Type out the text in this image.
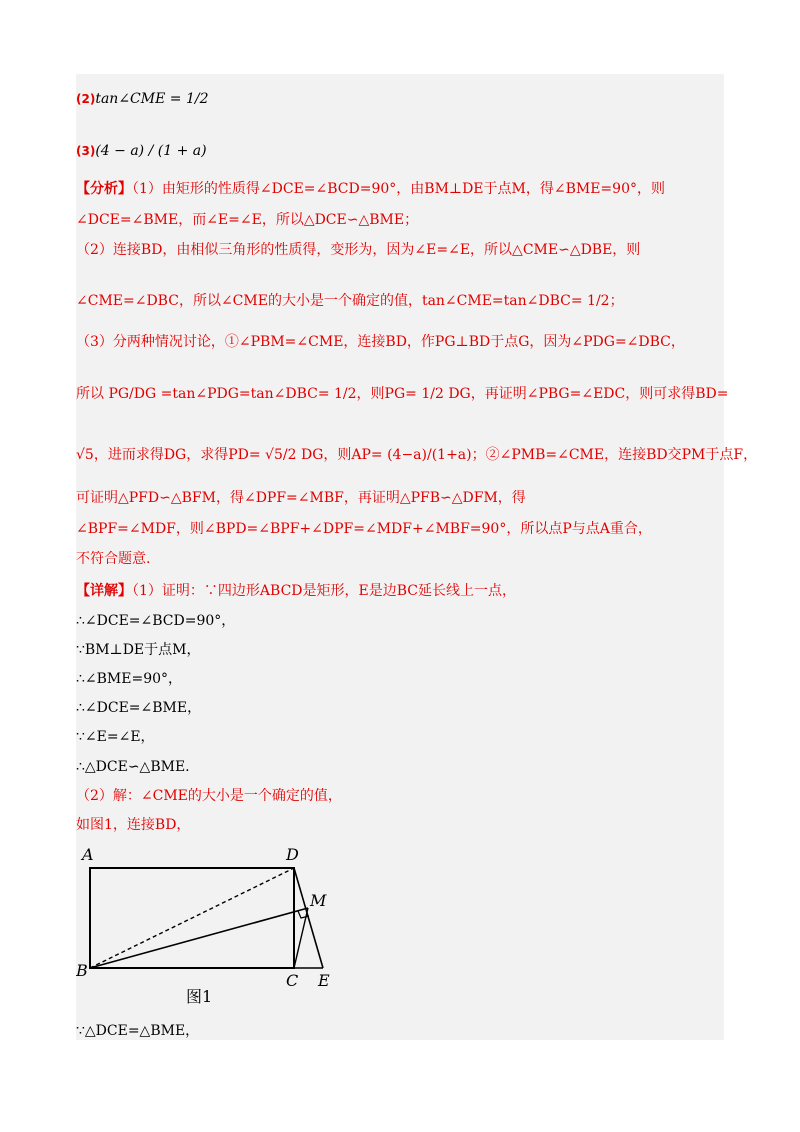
(2)tan∠CME = 1/2
(3)(4 − a) / (1 + a)
【分析】（1）由矩形的性质得∠DCE=∠BCD=90°，由BM⊥DE于点M，得∠BME=90°，则
∠DCE=∠BME，而∠E=∠E，所以△DCE∽△BME；
（2）连接BD，由相似三角形的性质得，变形为，因为∠E=∠E，所以△CME∽△DBE，则
∠CME=∠DBC，所以∠CME的大小是一个确定的值，tan∠CME=tan∠DBC= 1/2；
（3）分两种情况讨论，①∠PBM=∠CME，连接BD，作PG⊥BD于点G，因为∠PDG=∠DBC，
所以 PG/DG =tan∠PDG=tan∠DBC= 1/2，则PG= 1/2 DG，再证明∠PBG=∠EDC，则可求得BD=
√5，进而求得DG，求得PD= √5/2 DG，则AP= (4−a)/(1+a)；②∠PMB=∠CME，连接BD交PM于点F，
可证明△PFD∽△BFM，得∠DPF=∠MBF，再证明△PFB∽△DFM，得
∠BPF=∠MDF，则∠BPD=∠BPF+∠DPF=∠MDF+∠MBF=90°，所以点P与点A重合，
不符合题意.
【详解】（1）证明：∵四边形ABCD是矩形，E是边BC延长线上一点，
∴∠DCE=∠BCD=90°，
∵BM⊥DE于点M，
∴∠BME=90°，
∴∠DCE=∠BME，
∵∠E=∠E，
∴△DCE∽△BME.
（2）解：∠CME的大小是一个确定的值，
如图1，连接BD，
A	D
M
B
C E
图1
∵△DCE=△BME，
